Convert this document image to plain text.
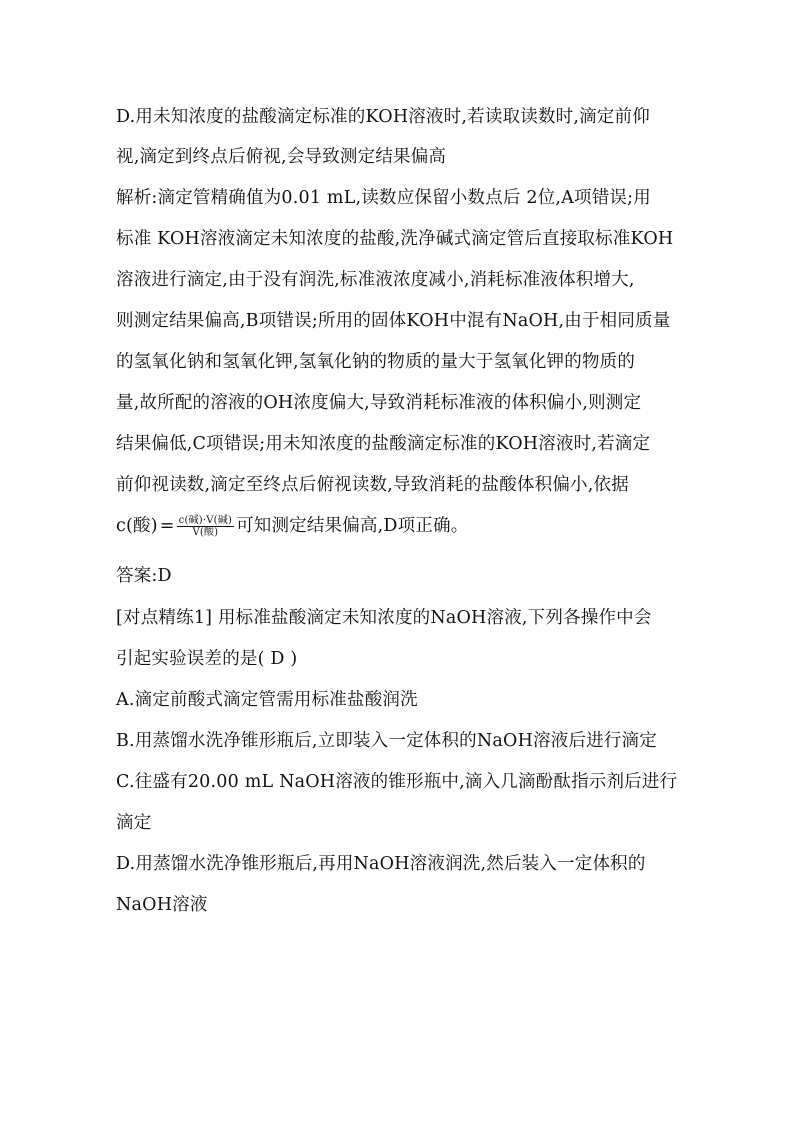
D.用未知浓度的盐酸滴定标准的KOH溶液时,若读取读数时,滴定前仰
视,滴定到终点后俯视,会导致测定结果偏高
解析:滴定管精确值为0.01 mL,读数应保留小数点后 2位,A项错误;用
标准 KOH溶液滴定未知浓度的盐酸,洗净碱式滴定管后直接取标准KOH
溶液进行滴定,由于没有润洗,标准液浓度减小,消耗标准液体积增大,
则测定结果偏高,B项错误;所用的固体KOH中混有NaOH,由于相同质量
的氢氧化钠和氢氧化钾,氢氧化钠的物质的量大于氢氧化钾的物质的
量,故所配的溶液的OH浓度偏大,导致消耗标准液的体积偏小,则测定
结果偏低,C项错误;用未知浓度的盐酸滴定标准的KOH溶液时,若滴定
前仰视读数,滴定至终点后俯视读数,导致消耗的盐酸体积偏小,依据
c(酸) = $\frac{\text{c(碱)·V(碱)}}{\text{V(酸)}}$ 可知测定结果偏高,D项正确。
答案:D
[对点精练1] 用标准盐酸滴定未知浓度的NaOH溶液,下列各操作中会
引起实验误差的是( D )
A.滴定前酸式滴定管需用标准盐酸润洗
B.用蒸馏水洗净锥形瓶后,立即装入一定体积的NaOH溶液后进行滴定
C.往盛有20.00 mL NaOH溶液的锥形瓶中,滴入几滴酚酞指示剂后进行
滴定
D.用蒸馏水洗净锥形瓶后,再用NaOH溶液润洗,然后装入一定体积的
NaOH溶液
